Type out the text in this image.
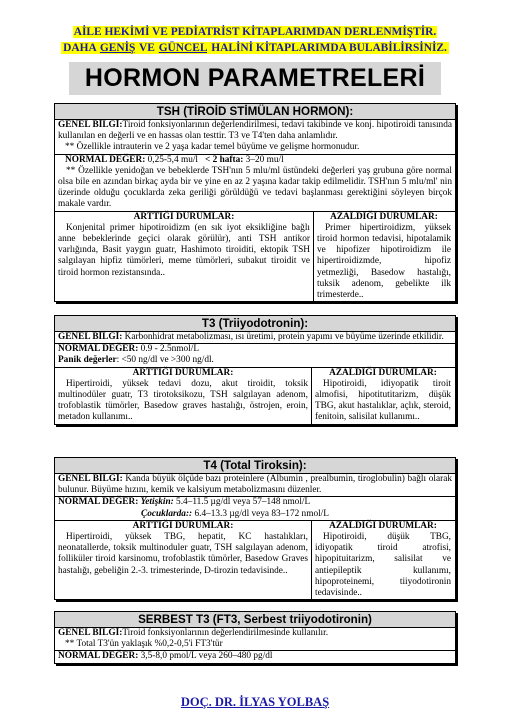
AİLE HEKİMİ VE PEDİATRİST KİTAPLARIMDAN DERLENMİŞTİR.
DAHA GENİŞ VE GÜNCEL HALİNİ KİTAPLARIMDA BULABİLİRSİNİZ.
HORMON PARAMETRELERİ
TSH (TİROİD STİMÜLAN HORMON):
GENEL BİLGİ:Tiroid fonksiyonlarının değerlendirilmesi, tedavi takibinde ve konj. hipotiroidi tanısında kullanılan en değerli ve en hassas olan testtir. T3 ve T4'ten daha anlamlıdır.
** Özellikle intrauterin ve 2 yaşa kadar temel büyüme ve gelişme hormonudur.
NORMAL DEĞER: 0,25-5,4 mu/l < 2 hafta: 3–20 mu/l
** Özellikle yenidoğan ve bebeklerde TSH'nın 5 mlu/ml üstündeki değerleri yaş grubuna göre normal olsa bile en azından birkaç ayda bir ve yine en az 2 yaşına kadar takip edilmelidir. TSH'nın 5 mlu/ml' nin üzerinde olduğu çocuklarda zeka geriliği görüldüğü ve tedavi başlanması gerektiğini söyleyen birçok makale vardır.
ARTTIĞI DURUMLAR:
Konjenital primer hipotiroidizm (en sık iyot eksikliğine bağlı anne bebeklerinde geçici olarak görülür), anti TSH antikor varlığında, Basit yaygın guatr, Hashimoto tiroiditi, ektopik TSH salgılayan hipfiz tümörleri, meme tümörleri, subakut tiroidit ve tiroid hormon rezistansında..
AZALDIĞI DURUMLAR:
Primer hipertiroidizm, yüksek tiroid hormon tedavisi, hipotalamik ve hipofizer hipotiroidizm ile hipertiroidizmde, hipofiz yetmezliği, Basedow hastalığı, tuksik adenom, gebelikte ilk trimesterde..
T3 (Triiyodotronin):
GENEL BİLGİ: Karbonhidrat metabolizması, ısı üretimi, protein yapımı ve büyüme üzerinde etkilidir.
NORMAL DEĞER: 0.9 - 2.5nmol/L
Panik değerler: <50 ng/dl ve >300 ng/dl.
ARTTIĞI DURUMLAR:
Hipertiroidi, yüksek tedavi dozu, akut tiroidit, toksik multinodüler guatr, T3 tirotoksikozu, TSH salgılayan adenom, trofoblastik tümörler, Basedow graves hastalığı, östrojen, eroin, metadon kullanımı..
AZALDIĞI DURUMLAR:
Hipotiroidi, idiyopatik tiroit almofisi, hipotitutitarizm, düşük TBG, akut hastalıklar, açlık, steroid, fenitoin, salisilat kullanımı..
T4 (Total Tiroksin):
GENEL BİLGİ: Kanda büyük ölçüde bazı proteinlere (Albumin , prealbumin, tiroglobulin) bağlı olarak bulunur. Büyüme hızını, kemik ve kalsiyum metabolizmasını düzenler.
NORMAL DEĞER: Yetişkin: 5.4–11.5 µg/dl veya 57–148 nmol/L
Çocuklarda:: 6.4–13.3 µg/dl veya 83–172 nmol/L
ARTTIĞI DURUMLAR:
Hipertiroidi, yüksek TBG, hepatit, KC hastalıkları, neonatallerde, toksik multinoduler guatr, TSH salgılayan adenom, folliküler tiroid karsinomu, trofoblastik tümörler, Basedow Graves hastalığı, gebeliğin 2.-3. trimesterinde, D-tirozin tedavisinde..
AZALDIĞI DURUMLAR:
Hipotiroidi, düşük TBG, idiyopatik tiroid atrofisi, hipopituitarizm, salisilat ve antiepileptik kullanımı, hipoproteinemi, tiiyodotironin tedavisinde..
SERBEST T3 (FT3, Serbest triiyodotironin)
GENEL BİLGİ:Tiroid fonksiyonlarının değerlendirilmesinde kullanılır.
** Total T3'ün yaklaşık %0,2-0,5'i FT3'tür
NORMAL DEĞER: 3,5-8,0 pmol/L veya 260–480 pg/dl
DOÇ. DR. İLYAS YOLBAŞ
